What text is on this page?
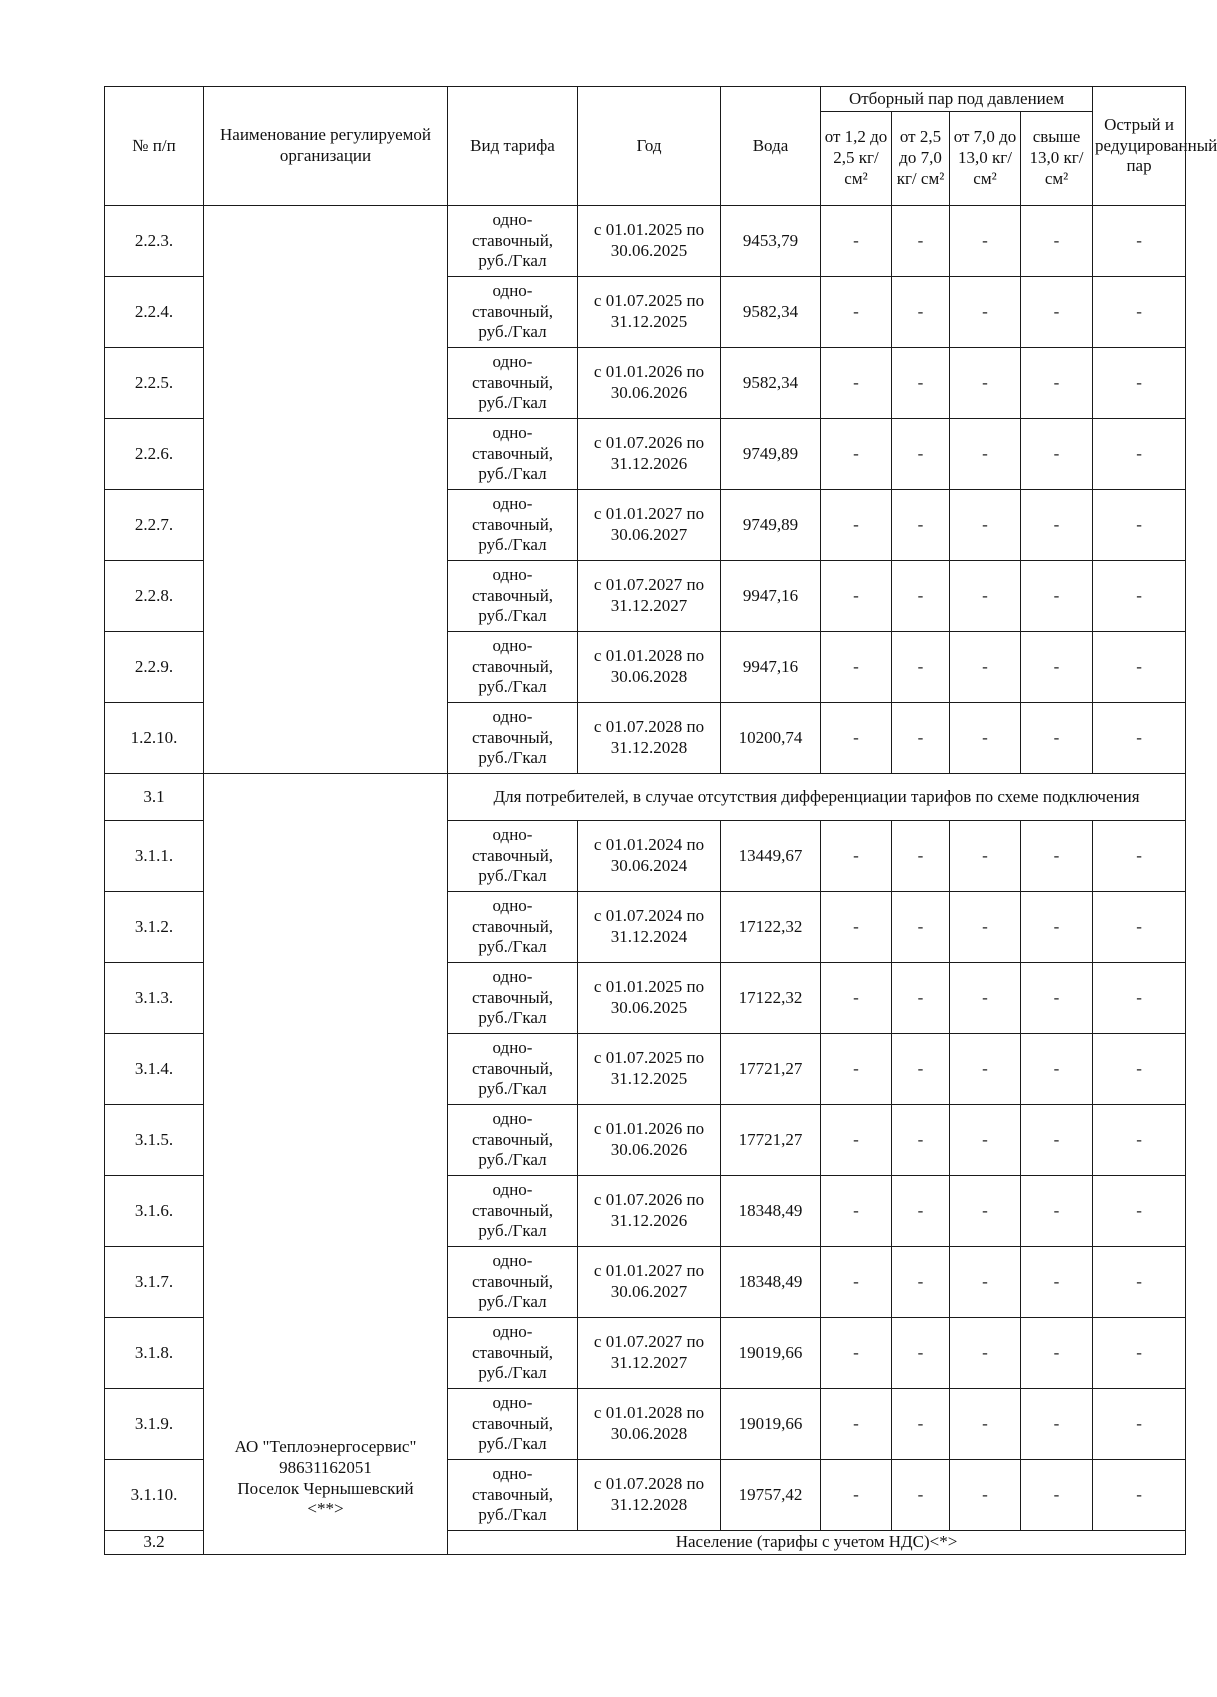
№ п/п	Наименование регулируемой организации	Вид тарифа	Год	Вода	Отборный пар под давлением				Острый и редуцированный пар
					от 1,2 до 2,5 кг/ см²	от 2,5 до 7,0 кг/ см²	от 7,0 до 13,0 кг/ см²	свыше 13,0 кг/ см²	
2.2.3.		одно-
ставочный,
руб./Гкал	с 01.01.2025 по 30.06.2025	9453,79	-	-	-	-	-
2.2.4.		одно-
ставочный,
руб./Гкал	с 01.07.2025 по 31.12.2025	9582,34	-	-	-	-	-
2.2.5.		одно-
ставочный,
руб./Гкал	с 01.01.2026 по 30.06.2026	9582,34	-	-	-	-	-
2.2.6.		одно-
ставочный,
руб./Гкал	с 01.07.2026 по 31.12.2026	9749,89	-	-	-	-	-
2.2.7.		одно-
ставочный,
руб./Гкал	с 01.01.2027 по 30.06.2027	9749,89	-	-	-	-	-
2.2.8.		одно-
ставочный,
руб./Гкал	с 01.07.2027 по 31.12.2027	9947,16	-	-	-	-	-
2.2.9.		одно-
ставочный,
руб./Гкал	с 01.01.2028 по 30.06.2028	9947,16	-	-	-	-	-
1.2.10.		одно-
ставочный,
руб./Гкал	с 01.07.2028 по 31.12.2028	10200,74	-	-	-	-	-
3.1	АО "Теплоэнергосервис"
98631162051
Поселок Чернышевский
<**>	Для потребителей, в случае отсутствия дифференциации тарифов по схеме подключения							
3.1.1.		одно-
ставочный,
руб./Гкал	с 01.01.2024 по 30.06.2024	13449,67	-	-	-	-	-
3.1.2.		одно-
ставочный,
руб./Гкал	с 01.07.2024 по 31.12.2024	17122,32	-	-	-	-	-
3.1.3.		одно-
ставочный,
руб./Гкал	с 01.01.2025 по 30.06.2025	17122,32	-	-	-	-	-
3.1.4.		одно-
ставочный,
руб./Гкал	с 01.07.2025 по 31.12.2025	17721,27	-	-	-	-	-
3.1.5.		одно-
ставочный,
руб./Гкал	с 01.01.2026 по 30.06.2026	17721,27	-	-	-	-	-
3.1.6.		одно-
ставочный,
руб./Гкал	с 01.07.2026 по 31.12.2026	18348,49	-	-	-	-	-
3.1.7.		одно-
ставочный,
руб./Гкал	с 01.01.2027 по 30.06.2027	18348,49	-	-	-	-	-
3.1.8.		одно-
ставочный,
руб./Гкал	с 01.07.2027 по 31.12.2027	19019,66	-	-	-	-	-
3.1.9.		одно-
ставочный,
руб./Гкал	с 01.01.2028 по 30.06.2028	19019,66	-	-	-	-	-
3.1.10.		одно-
ставочный,
руб./Гкал	с 01.07.2028 по 31.12.2028	19757,42	-	-	-	-	-
3.2		Население (тарифы с учетом НДС)<*>							
